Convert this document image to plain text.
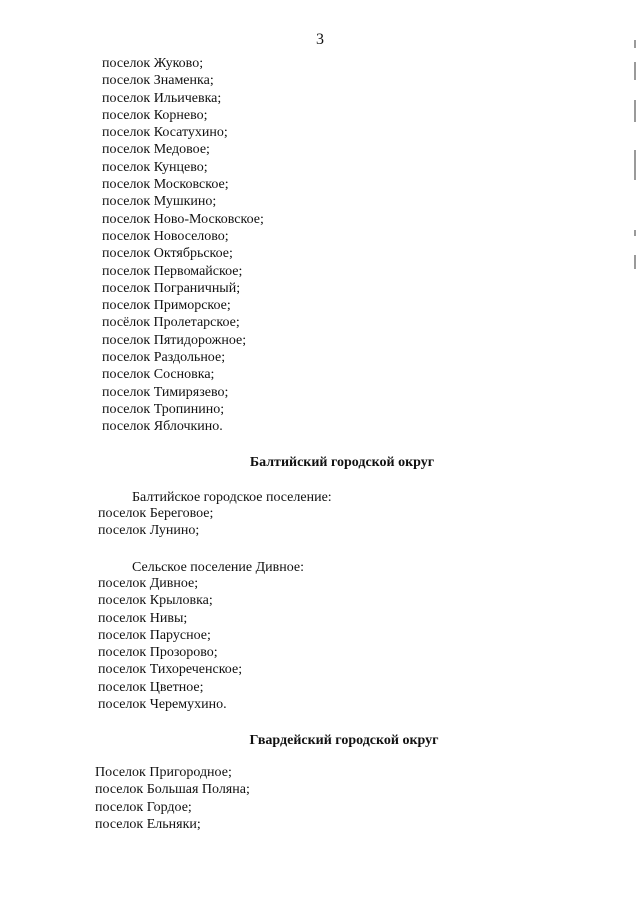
3
поселок Жуково;
поселок Знаменка;
поселок Ильичевка;
поселок Корнево;
поселок Косатухино;
поселок Медовое;
поселок Кунцево;
поселок Московское;
поселок Мушкино;
поселок Ново-Московское;
поселок Новоселово;
поселок Октябрьское;
поселок Первомайское;
поселок Пограничный;
поселок Приморское;
посёлок Пролетарское;
поселок Пятидорожное;
поселок Раздольное;
поселок Сосновка;
поселок Тимирязево;
поселок Тропинино;
поселок Яблочкино.
Балтийский городской округ
Балтийское городское поселение:
поселок Береговое;
поселок Лунино;
Сельское поселение Дивное:
поселок Дивное;
поселок Крыловка;
поселок Нивы;
поселок Парусное;
поселок Прозорово;
поселок Тихореченское;
поселок Цветное;
поселок Черемухино.
Гвардейский городской округ
Поселок Пригородное;
поселок Большая Поляна;
поселок Гордое;
поселок Ельняки;
